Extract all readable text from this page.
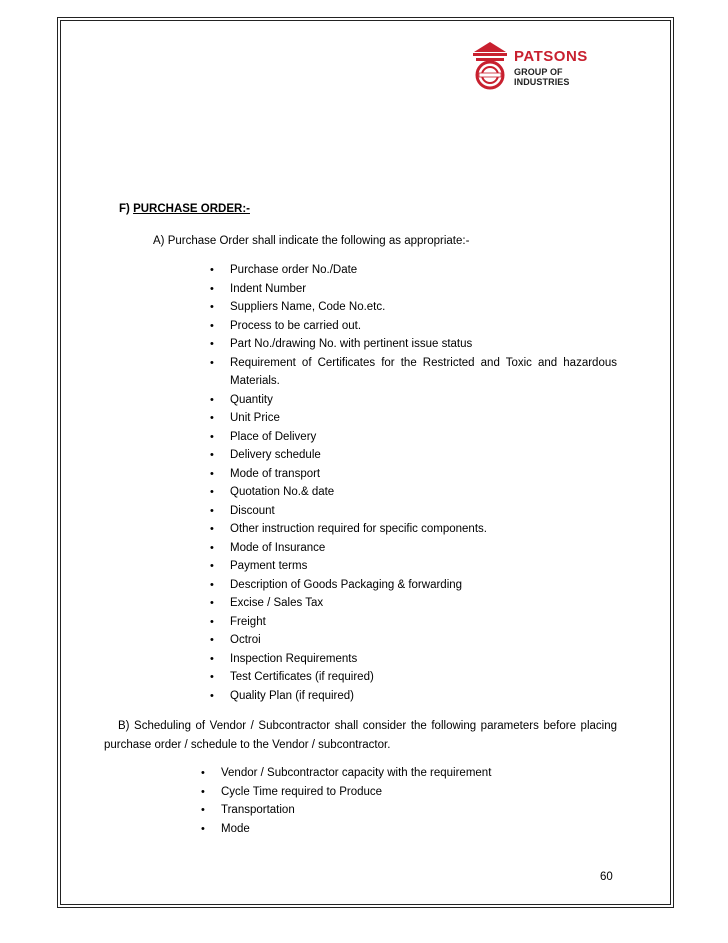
PATSONS
GROUP OF INDUSTRIES
F) PURCHASE ORDER:-
A) Purchase Order shall indicate the following as appropriate:-
• Purchase order No./Date
• Indent Number
• Suppliers Name, Code No.etc.
• Process to be carried out.
• Part No./drawing No. with pertinent issue status
• Requirement of Certificates for the Restricted and Toxic and hazardous Materials.
• Quantity
• Unit Price
• Place of Delivery
• Delivery schedule
• Mode of transport
• Quotation No.& date
• Discount
• Other instruction required for specific components.
• Mode of Insurance
• Payment terms
• Description of Goods Packaging & forwarding
• Excise / Sales Tax
• Freight
• Octroi
• Inspection Requirements
• Test Certificates (if required)
• Quality Plan (if required)
B) Scheduling of Vendor / Subcontractor shall consider the following parameters before placing purchase order / schedule to the Vendor / subcontractor.
• Vendor / Subcontractor capacity with the requirement
• Cycle Time required to Produce
• Transportation
• Mode
60
